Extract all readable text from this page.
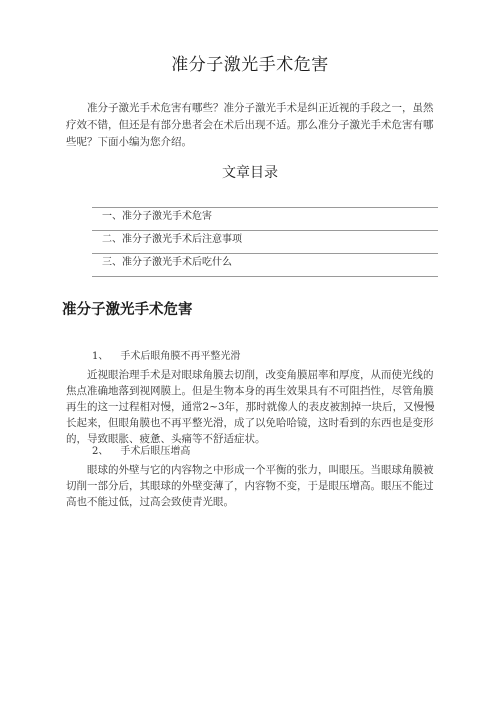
准分子激光手术危害

准分子激光手术危害有哪些？准分子激光手术是纠正近视的手段之一，虽然疗效不错，但还是有部分患者会在术后出现不适。那么准分子激光手术危害有哪些呢？下面小编为您介绍。

文章目录
一、准分子激光手术危害
二、准分子激光手术后注意事项
三、准分子激光手术后吃什么
准分子激光手术危害
1、 手术后眼角膜不再平整光滑

近视眼治理手术是对眼球角膜去切削，改变角膜屈率和厚度，从而使光线的焦点准确地落到视网膜上。但是生物本身的再生效果具有不可阻挡性，尽管角膜再生的这一过程相对慢，通常2~3年，那时就像人的表皮被割掉一块后，又慢慢长起来，但眼角膜也不再平整光滑，成了以免哈哈镜，这时看到的东西也是变形的，导致眼胀、疲惫、头痛等不舒适症状。

2、 手术后眼压增高

眼球的外壁与它的内容物之中形成一个平衡的张力，叫眼压。当眼球角膜被切削一部分后，其眼球的外壁变薄了，内容物不变，于是眼压增高。眼压不能过高也不能过低，过高会致使青光眼。
